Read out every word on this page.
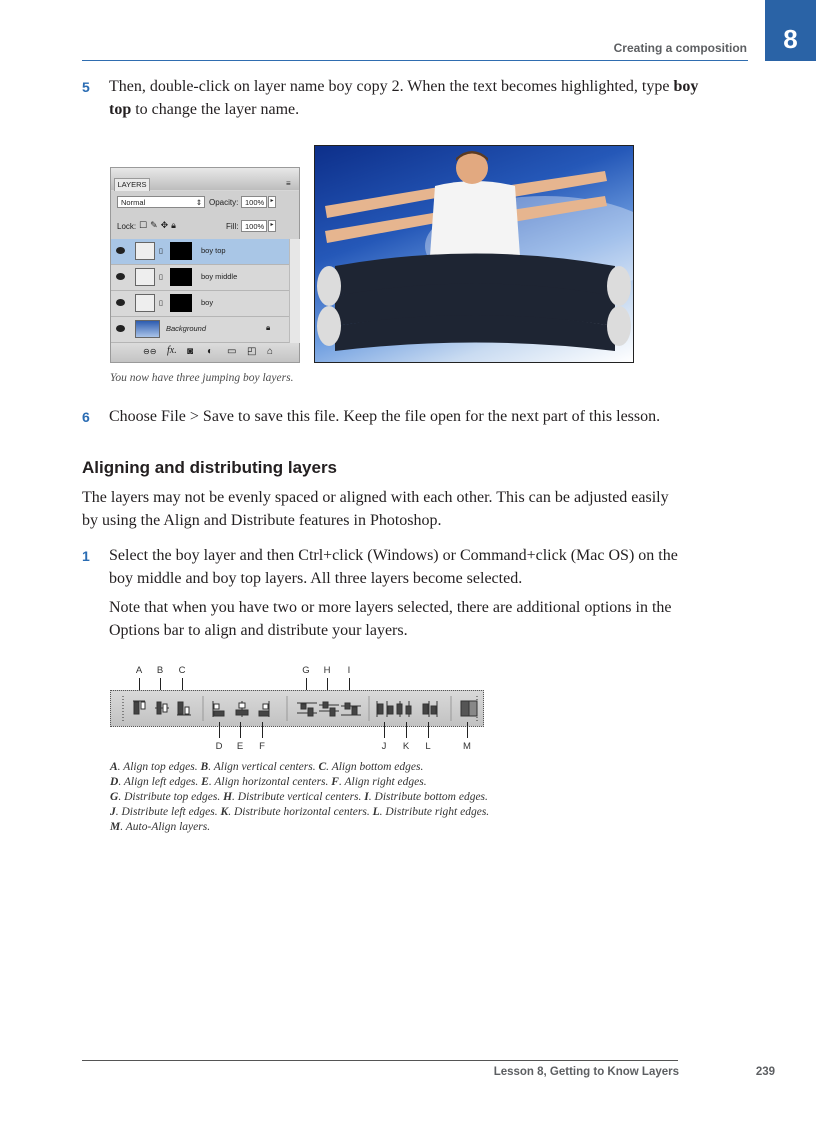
Creating a composition	8
5 Then, double-click on layer name boy copy 2. When the text becomes highlighted, type boy top to change the layer name.
LAYERS	≡
Normal	⇕ Opacity: 100%	▸
Lock: ☐✎✥🔒︎	Fill: 100%	▸
▯	boy top
▯	boy middle
▯	boy
Background	🔒︎
⊖⊖ fx. ◙ ◐ ▭ ◰ ⌂
You now have three jumping boy layers.
6 Choose File > Save to save this file. Keep the file open for the next part of this lesson.
Aligning and distributing layers
The layers may not be evenly spaced or aligned with each other. This can be adjusted easily by using the Align and Distribute features in Photoshop.
1 Select the boy layer and then Ctrl+click (Windows) or Command+click (Mac OS) on the boy middle and boy top layers. All three layers become selected.
Note that when you have two or more layers selected, there are additional options in the Options bar to align and distribute your layers.
A	B	C	G	H	I
D	E	F	J	K	L	M
A. Align top edges. B. Align vertical centers. C. Align bottom edges.
D. Align left edges. E. Align horizontal centers. F. Align right edges.
G. Distribute top edges. H. Distribute vertical centers. I. Distribute bottom edges.
J. Distribute left edges. K. Distribute horizontal centers. L. Distribute right edges.
M. Auto-Align layers.
Lesson 8, Getting to Know Layers	239
